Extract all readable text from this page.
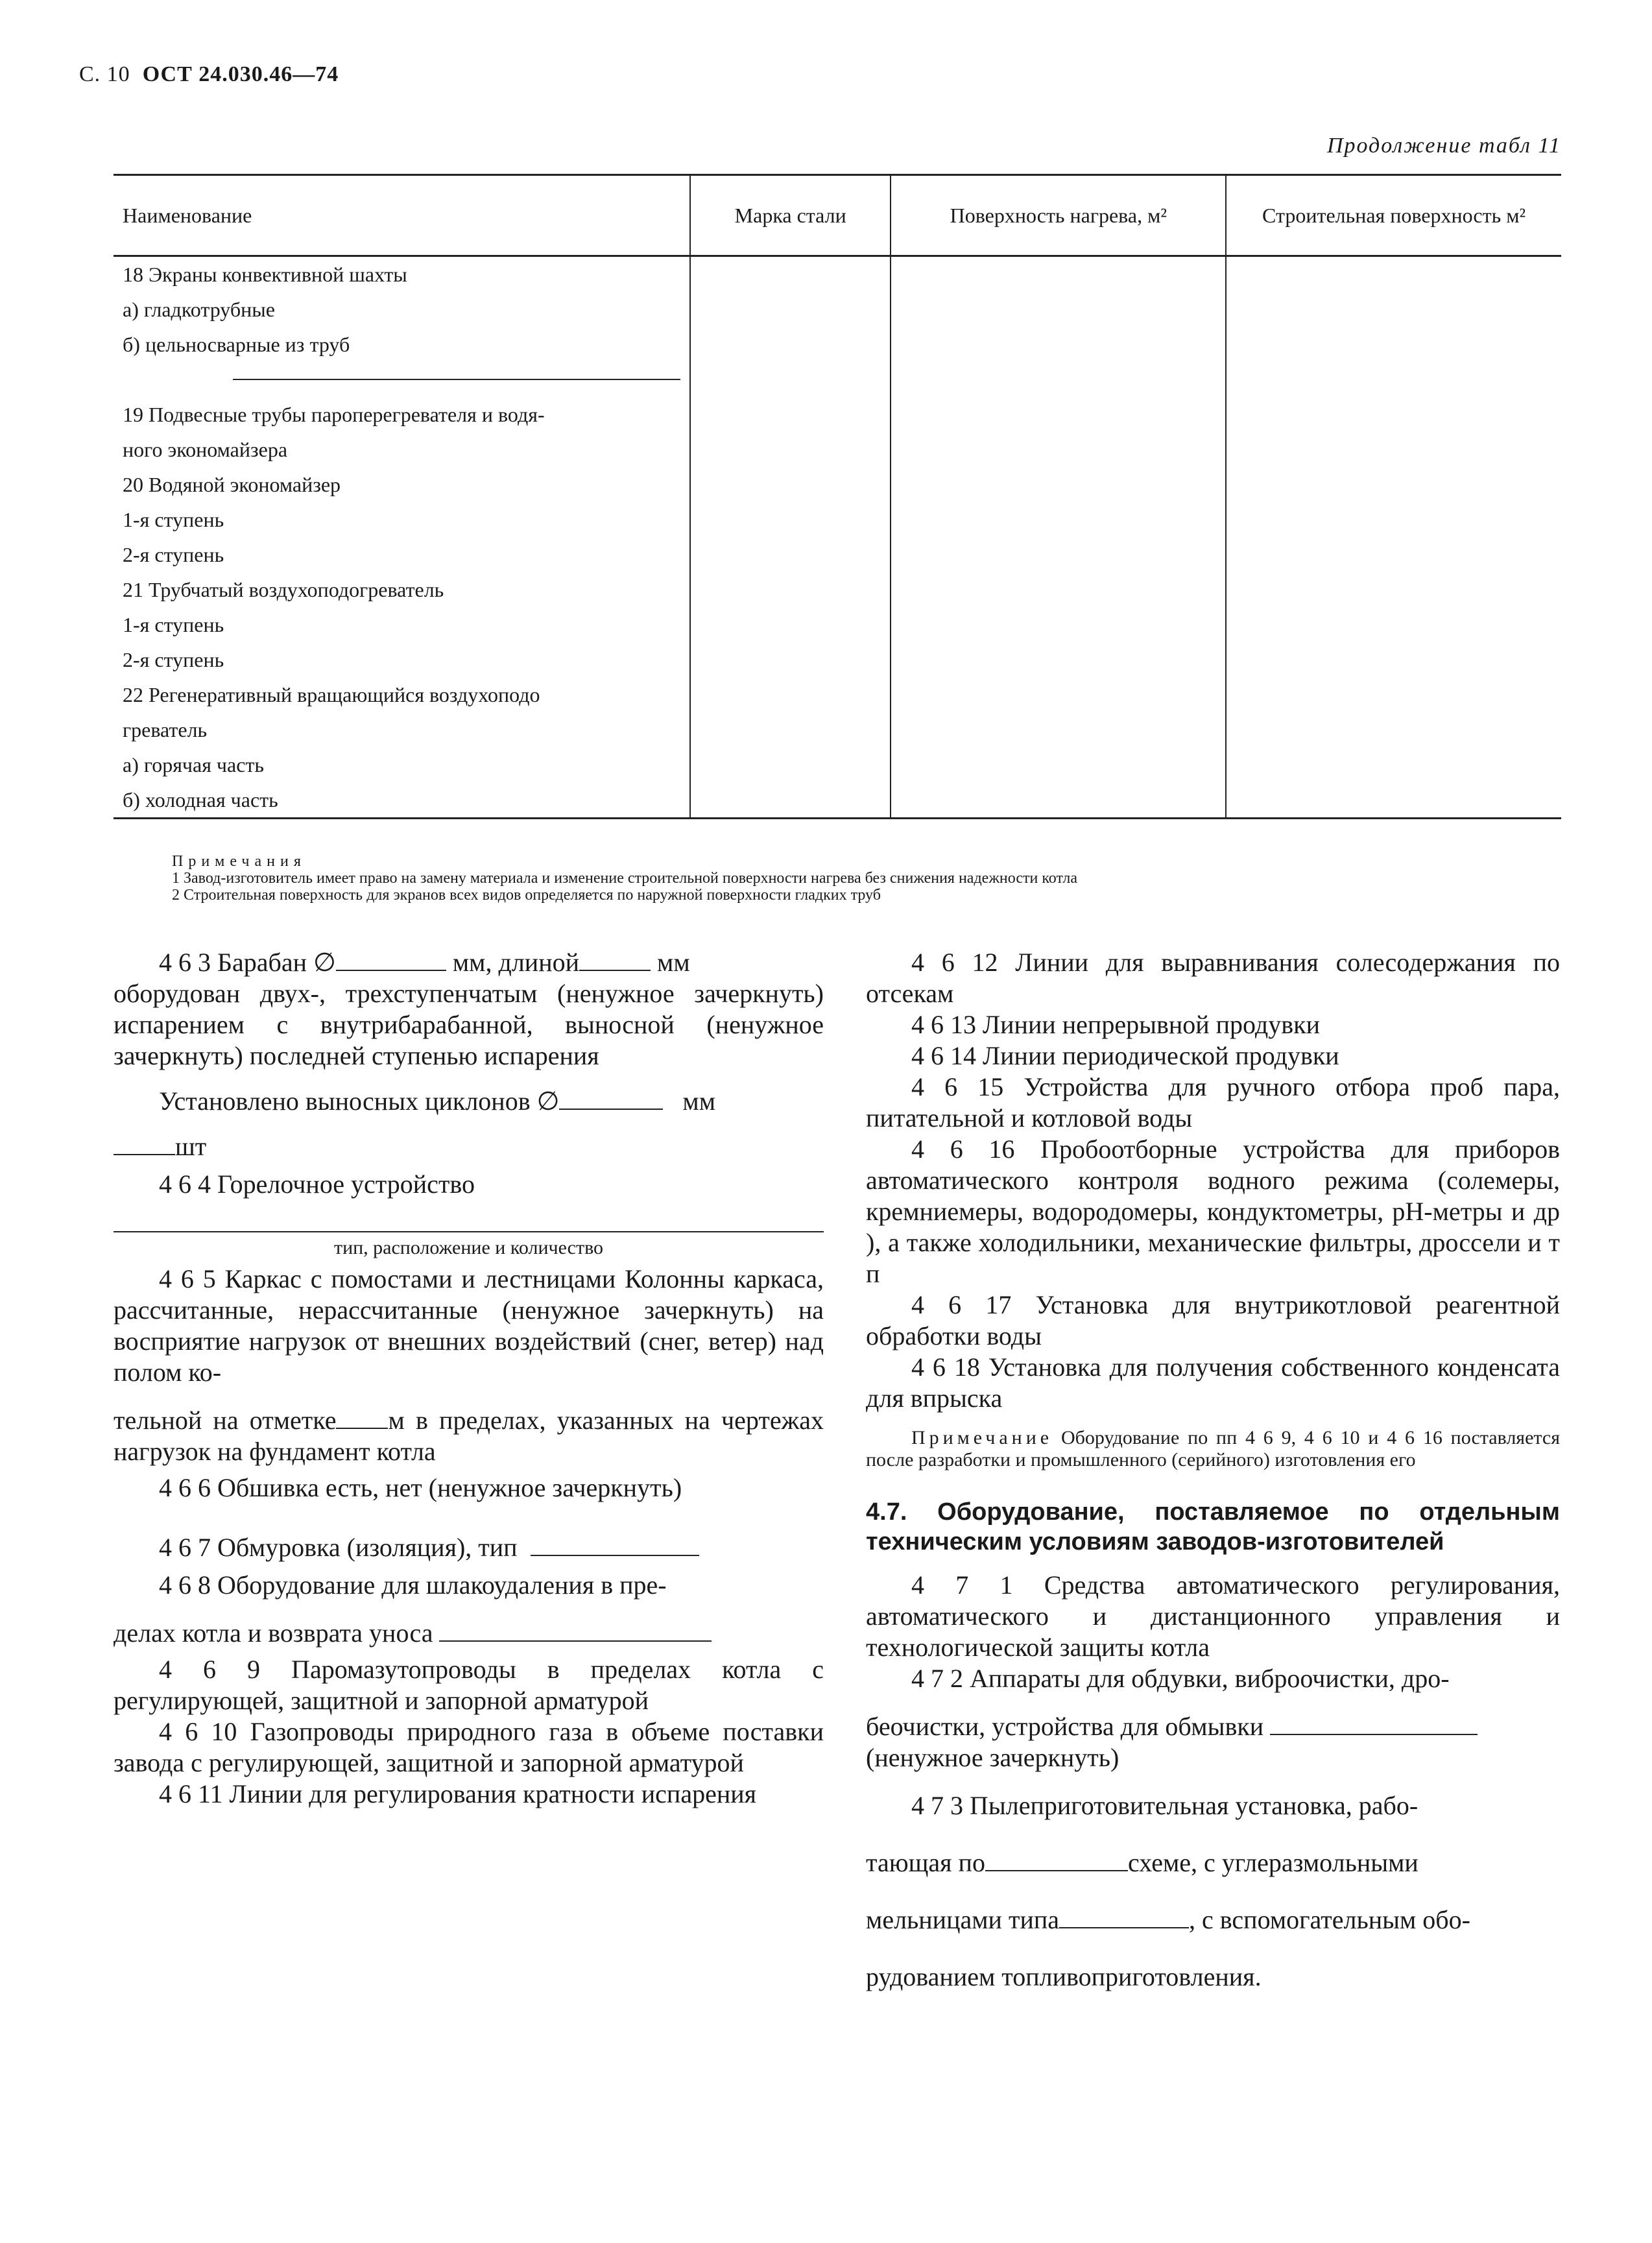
С. 10 ОСТ 24.030.46—74
Продолжение табл 11
Наименование	Марка стали	Поверхность нагрева, м²	Строительная поверхность м²
18 Экраны конвективной шахты			
а) гладкотрубные			
б) цельносварные из труб			

19 Подвесные трубы пароперегревателя и водя-			
ного экономайзера			
20 Водяной экономайзер			
1-я ступень			
2-я ступень			
21 Трубчатый воздухоподогреватель			
1-я ступень			
2-я ступень			
22 Регенеративный вращающийся воздухоподо			
греватель			
а) горячая часть			
б) холодная часть			
Примечания
1 Завод-изготовитель имеет право на замену материала и изменение строительной поверхности нагрева без снижения надежности котла
2 Строительная поверхность для экранов всех видов определяется по наружной поверхности гладких труб
4 6 3 Барабан ∅	мм, длиной	мм
оборудован двух-, трехступенчатым (ненужное зачеркнуть) испарением с внутрибарабанной, выносной (ненужное зачеркнуть) последней ступенью испарения
Установлено выносных циклонов ∅	мм
шт
4 6 4 Горелочное устройство
тип, расположение и количество
4 6 5 Каркас с помостами и лестницами Колонны каркаса, рассчитанные, нерассчитанные (ненужное зачеркнуть) на восприятие нагрузок от внешних воздействий (снег, ветер) над полом ко-
тельной на отметке м в пределах, указанных на чертежах нагрузок на фундамент котла
4 6 6 Обшивка есть, нет (ненужное зачеркнуть)
4 6 7 Обмуровка (изоляция), тип
4 6 8 Оборудование для шлакоудаления в пре-
делах котла и возврата уноса
4 6 9 Паромазутопроводы в пределах котла с регулирующей, защитной и запорной арматурой
4 6 10 Газопроводы природного газа в объеме поставки завода с регулирующей, защитной и запорной арматурой
4 6 11 Линии для регулирования кратности испарения
4 6 12 Линии для выравнивания солесодержания по отсекам
4 6 13 Линии непрерывной продувки
4 6 14 Линии периодической продувки
4 6 15 Устройства для ручного отбора проб пара, питательной и котловой воды
4 6 16 Пробоотборные устройства для приборов автоматического контроля водного режима (солемеры, кремниемеры, водородомеры, кондуктометры, pH-метры и др ), а также холодильники, механические фильтры, дроссели и т п
4 6 17 Установка для внутрикотловой реагентной обработки воды
4 6 18 Установка для получения собственного конденсата для впрыска
Примечание Оборудование по пп 4 6 9, 4 6 10 и 4 6 16 поставляется после разработки и промышленного (серийного) изготовления его
4.7. Оборудование, поставляемое по отдельным техническим условиям заводов-изготовителей
4 7 1 Средства автоматического регулирования, автоматического и дистанционного управления и технологической защиты котла
4 7 2 Аппараты для обдувки, виброочистки, дро-
беочистки, устройства для обмывки
(ненужное зачеркнуть)
4 7 3 Пылеприготовительная установка, рабо-
тающая по	схеме, с углеразмольными
мельницами типа	, с вспомогательным обо-
рудованием топливоприготовления.
